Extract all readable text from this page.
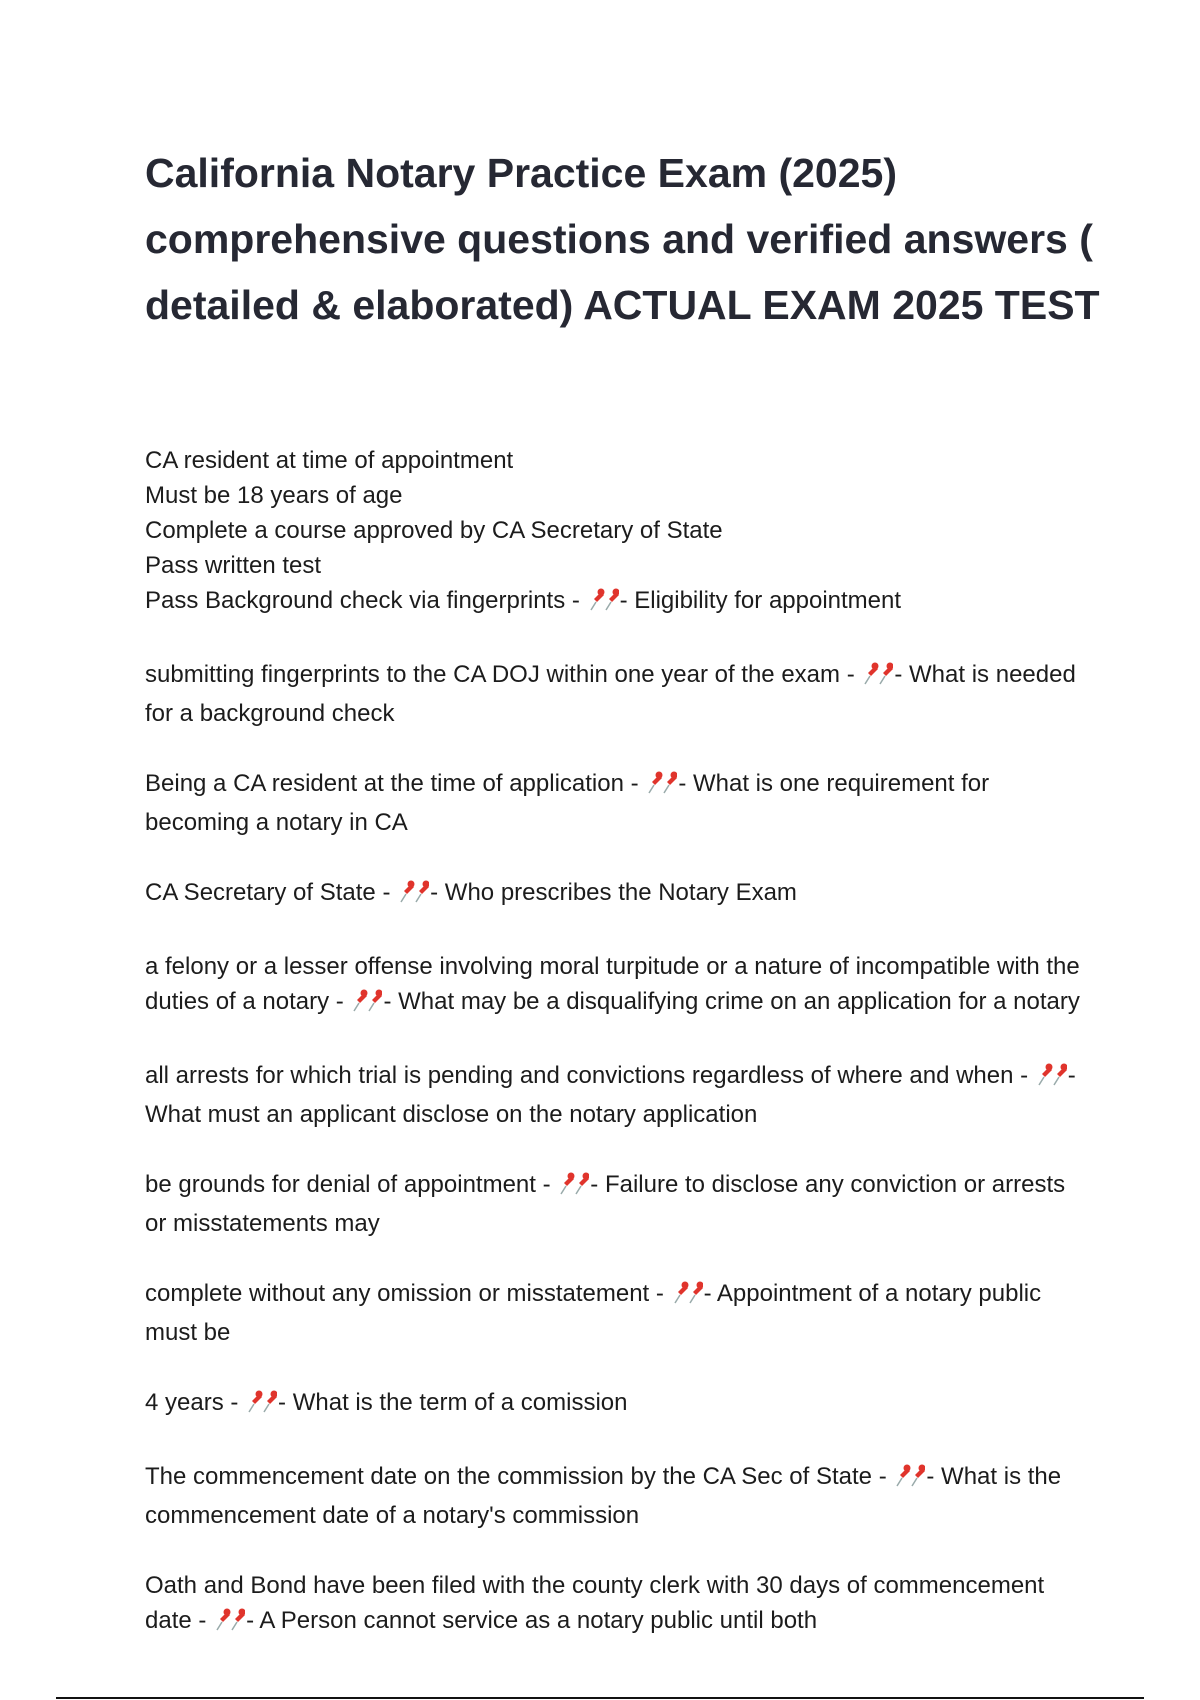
California Notary Practice Exam (2025) comprehensive questions and verified answers ( detailed & elaborated) ACTUAL EXAM 2025 TEST

CA resident at time of appointment
Must be 18 years of age
Complete a course approved by CA Secretary of State
Pass written test
Pass Background check via fingerprints - - Eligibility for appointment

submitting fingerprints to the CA DOJ within one year of the exam - - What is needed for a background check

Being a CA resident at the time of application - - What is one requirement for becoming a notary in CA

CA Secretary of State - - Who prescribes the Notary Exam

a felony or a lesser offense involving moral turpitude or a nature of incompatible with the duties of a notary - - What may be a disqualifying crime on an application for a notary

all arrests for which trial is pending and convictions regardless of where and when - - What must an applicant disclose on the notary application

be grounds for denial of appointment - - Failure to disclose any conviction or arrests or misstatements may

complete without any omission or misstatement - - Appointment of a notary public must be

4 years - - What is the term of a comission

The commencement date on the commission by the CA Sec of State - - What is the commencement date of a notary's commission

Oath and Bond have been filed with the county clerk with 30 days of commencement date - - A Person cannot service as a notary public until both
